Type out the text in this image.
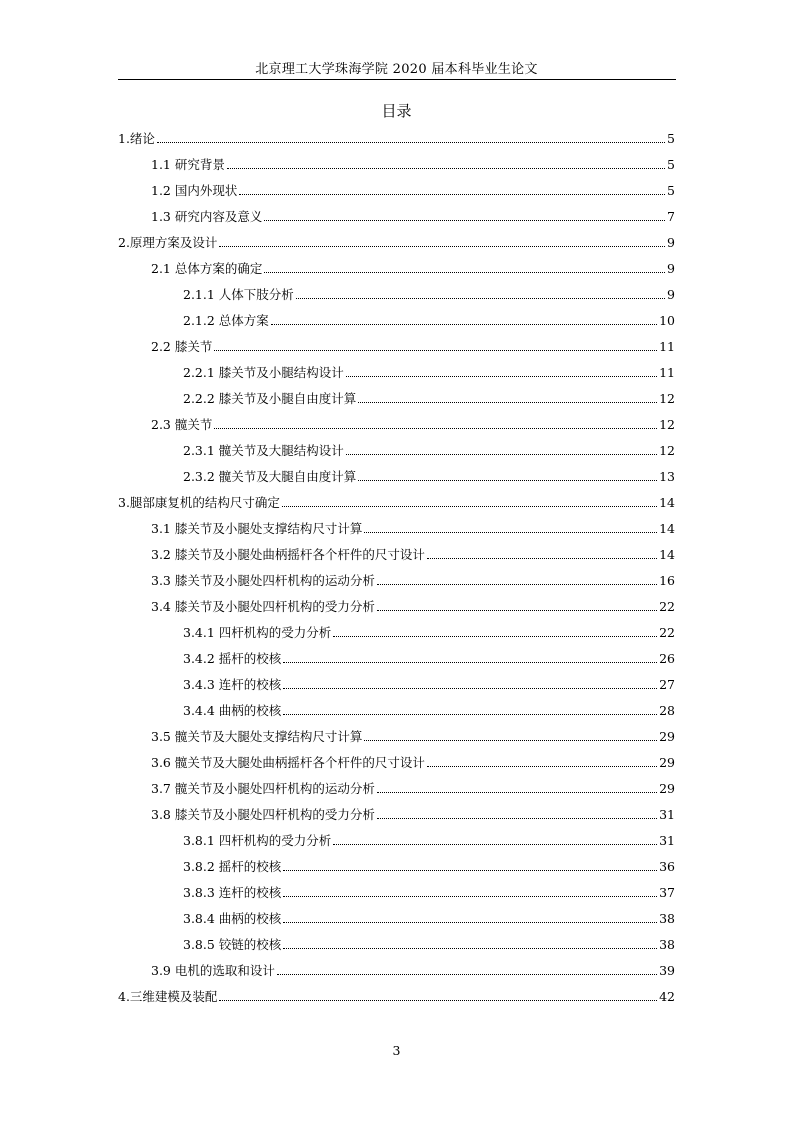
北京理工大学珠海学院 2020 届本科毕业生论文
目录
1.绪论	5
1.1 研究背景	5
1.2 国内外现状	5
1.3 研究内容及意义	7
2.原理方案及设计	9
2.1 总体方案的确定	9
2.1.1 人体下肢分析	9
2.1.2 总体方案	10
2.2 膝关节	11
2.2.1 膝关节及小腿结构设计	11
2.2.2 膝关节及小腿自由度计算	12
2.3 髋关节	12
2.3.1 髋关节及大腿结构设计	12
2.3.2 髋关节及大腿自由度计算	13
3.腿部康复机的结构尺寸确定	14
3.1 膝关节及小腿处支撑结构尺寸计算	14
3.2 膝关节及小腿处曲柄摇杆各个杆件的尺寸设计	14
3.3 膝关节及小腿处四杆机构的运动分析	16
3.4 膝关节及小腿处四杆机构的受力分析	22
3.4.1 四杆机构的受力分析	22
3.4.2 摇杆的校核	26
3.4.3 连杆的校核	27
3.4.4 曲柄的校核	28
3.5 髋关节及大腿处支撑结构尺寸计算	29
3.6 髋关节及大腿处曲柄摇杆各个杆件的尺寸设计	29
3.7 髋关节及小腿处四杆机构的运动分析	29
3.8 膝关节及小腿处四杆机构的受力分析	31
3.8.1 四杆机构的受力分析	31
3.8.2 摇杆的校核	36
3.8.3 连杆的校核	37
3.8.4 曲柄的校核	38
3.8.5 铰链的校核	38
3.9 电机的选取和设计	39
4.三维建模及装配	42
3
